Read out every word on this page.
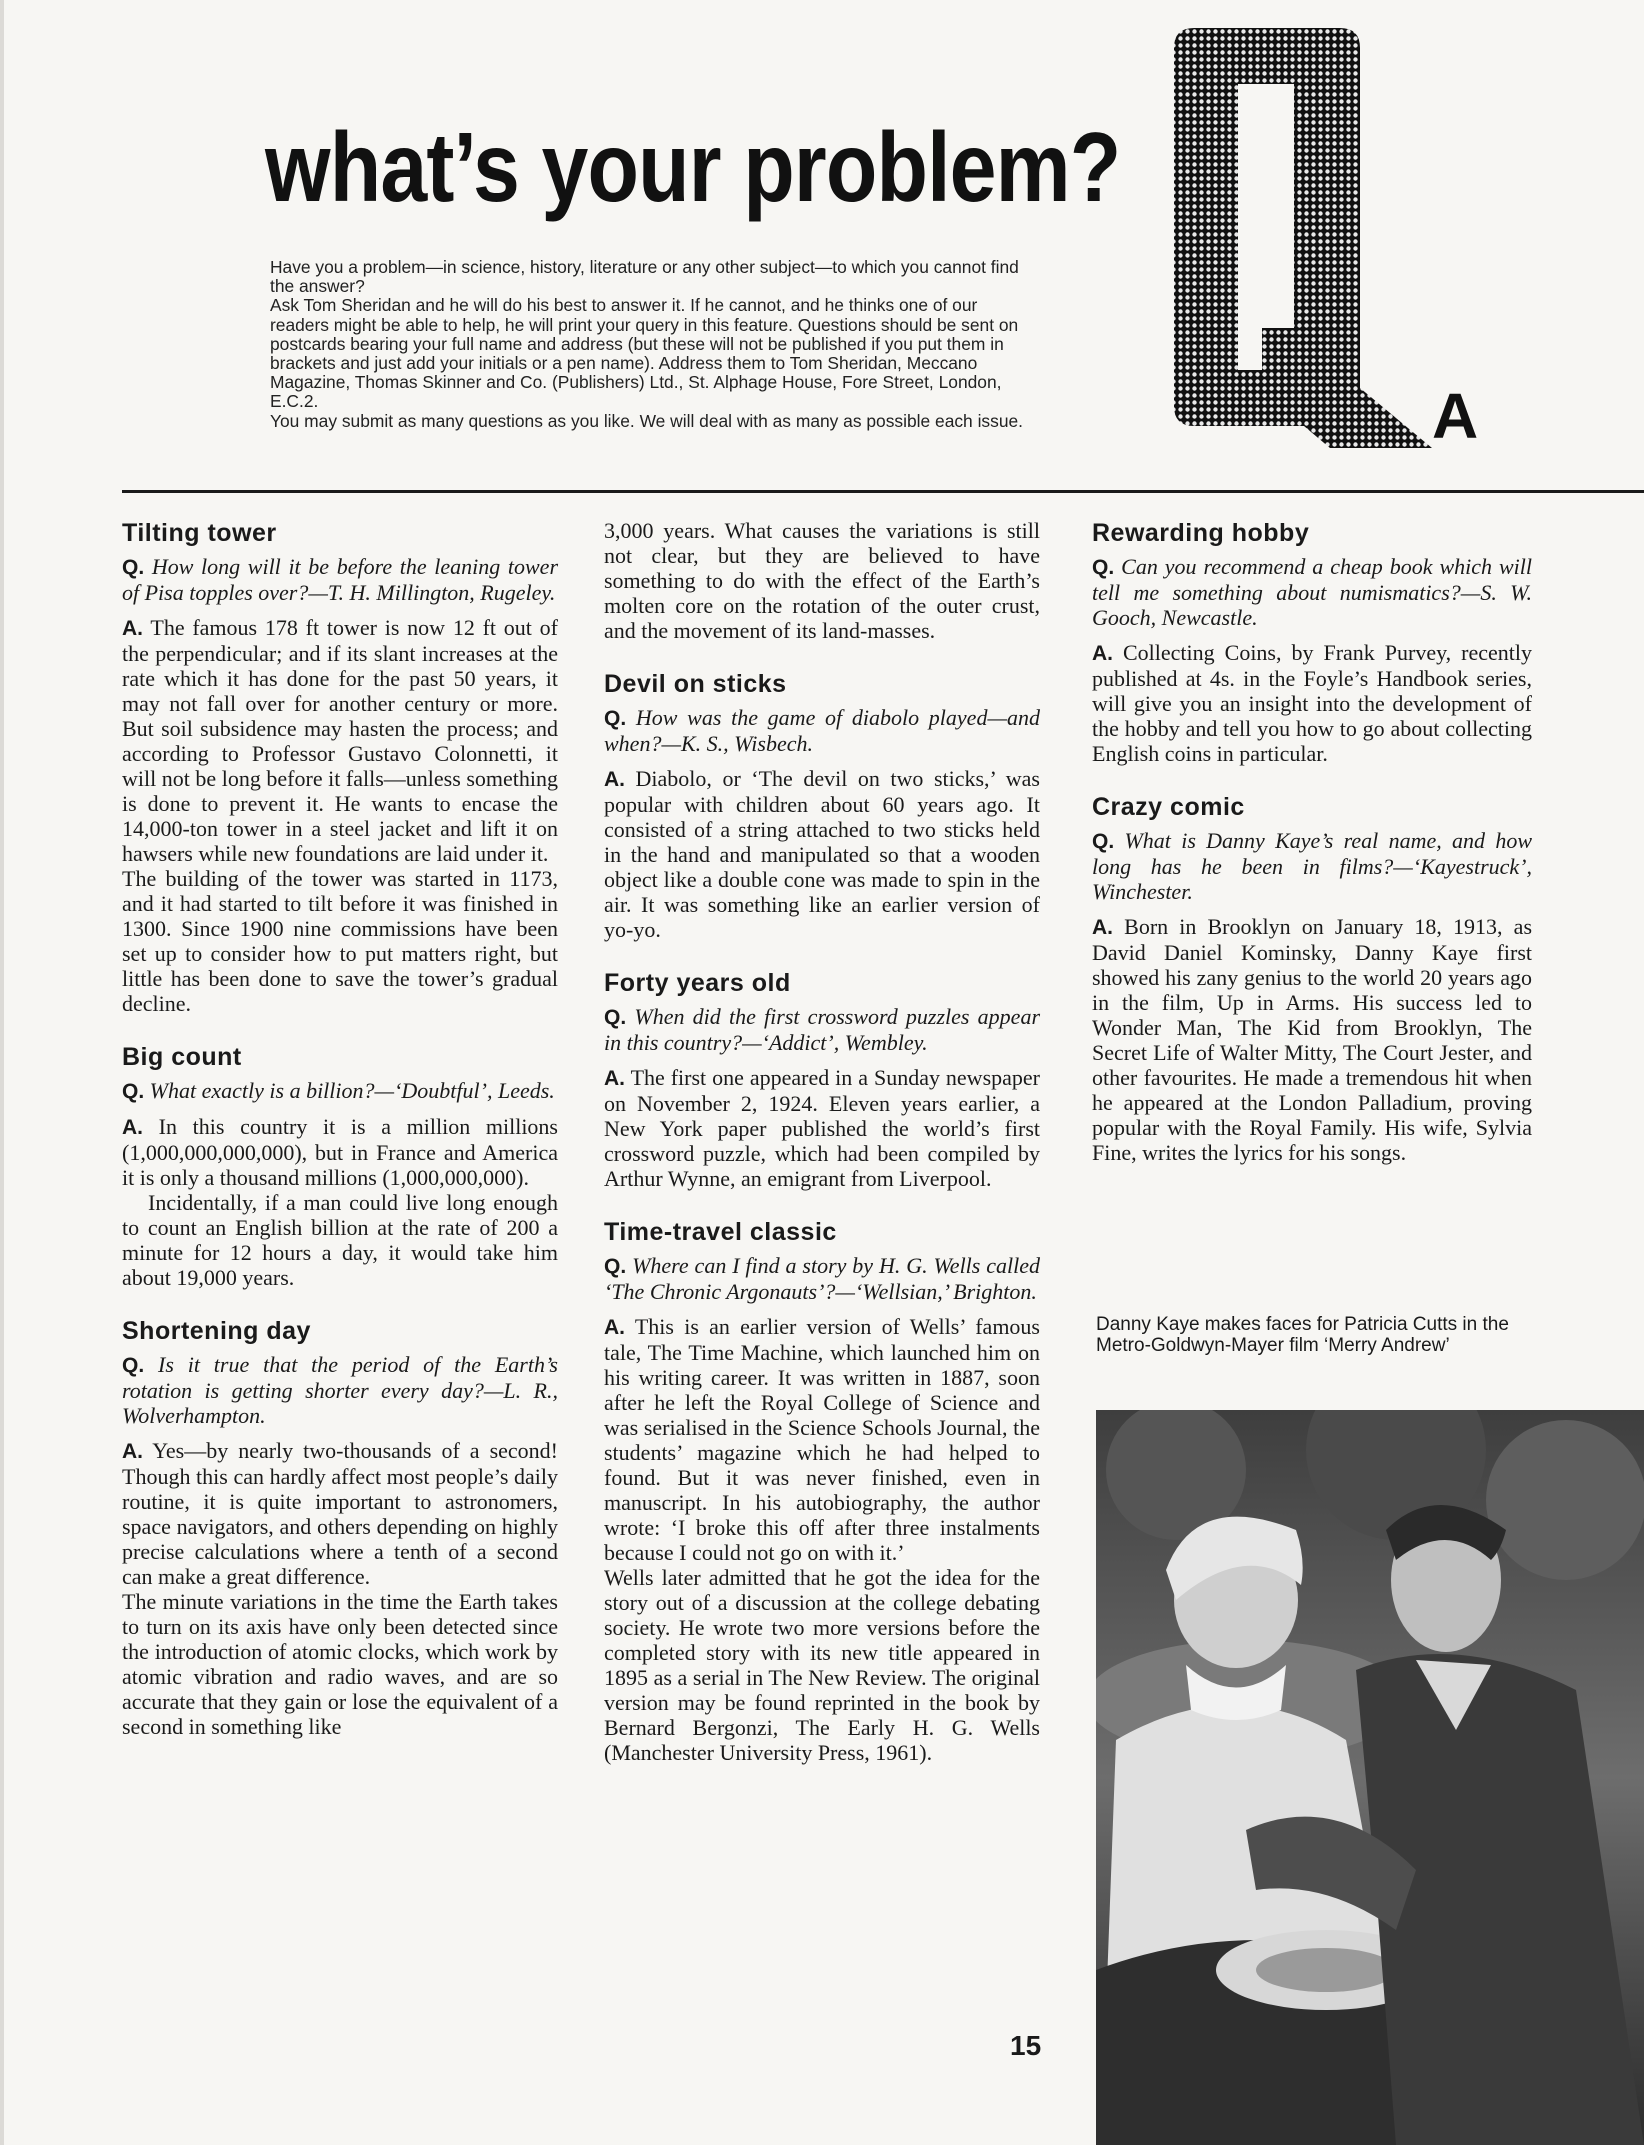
what’s your problem?

Have you a problem—in science, history, literature or any other subject—to which you cannot find the answer?

Ask Tom Sheridan and he will do his best to answer it. If he cannot, and he thinks one of our readers might be able to help, he will print your query in this feature. Questions should be sent on postcards bearing your full name and address (but these will not be published if you put them in brackets and just add your initials or a pen name). Address them to Tom Sheridan, Meccano Magazine, Thomas Skinner and Co. (Publishers) Ltd., St. Alphage House, Fore Street, London, E.C.2.

You may submit as many questions as you like. We will deal with as many as possible each issue.	A
Tilting tower

Q. How long will it be before the leaning tower of Pisa topples over?—T. H. Millington, Rugeley.

A. The famous 178 ft tower is now 12 ft out of the perpendicular; and if its slant increases at the rate which it has done for the past 50 years, it may not fall over for another century or more. But soil subsidence may hasten the process; and according to Professor Gustavo Colonnetti, it will not be long before it falls—unless something is done to prevent it. He wants to encase the 14,000-ton tower in a steel jacket and lift it on hawsers while new foundations are laid under it.

The building of the tower was started in 1173, and it had started to tilt before it was finished in 1300. Since 1900 nine commissions have been set up to consider how to put matters right, but little has been done to save the tower’s gradual decline.

Big count

Q. What exactly is a billion?—‘Doubtful’, Leeds.

A. In this country it is a million millions (1,000,000,000,000), but in France and America it is only a thousand millions (1,000,000,000).

Incidentally, if a man could live long enough to count an English billion at the rate of 200 a minute for 12 hours a day, it would take him about 19,000 years.

Shortening day

Q. Is it true that the period of the Earth’s rotation is getting shorter every day?—L. R., Wolverhampton.

A. Yes—by nearly two-thousands of a second! Though this can hardly affect most people’s daily routine, it is quite important to astronomers, space navigators, and others depending on highly precise calculations where a tenth of a second can make a great difference.

The minute variations in the time the Earth takes to turn on its axis have only been detected since the introduction of atomic clocks, which work by atomic vibration and radio waves, and are so accurate that they gain or lose the equivalent of a second in something like

3,000 years. What causes the variations is still not clear, but they are believed to have something to do with the effect of the Earth’s molten core on the rotation of the outer crust, and the movement of its land-masses.

Devil on sticks

Q. How was the game of diabolo played—and when?—K. S., Wisbech.

A. Diabolo, or ‘The devil on two sticks,’ was popular with children about 60 years ago. It consisted of a string attached to two sticks held in the hand and manipulated so that a wooden object like a double cone was made to spin in the air. It was something like an earlier version of yo-yo.

Forty years old

Q. When did the first crossword puzzles appear in this country?—‘Addict’, Wembley.

A. The first one appeared in a Sunday newspaper on November 2, 1924. Eleven years earlier, a New York paper published the world’s first crossword puzzle, which had been compiled by Arthur Wynne, an emigrant from Liverpool.

Time-travel classic

Q. Where can I find a story by H. G. Wells called ‘The Chronic Argonauts’?—‘Wellsian,’ Brighton.

A. This is an earlier version of Wells’ famous tale, The Time Machine, which launched him on his writing career. It was written in 1887, soon after he left the Royal College of Science and was serialised in the Science Schools Journal, the students’ magazine which he had helped to found. But it was never finished, even in manuscript. In his autobiography, the author wrote: ‘I broke this off after three instalments because I could not go on with it.’

Wells later admitted that he got the idea for the story out of a discussion at the college debating society. He wrote two more versions before the completed story with its new title appeared in 1895 as a serial in The New Review. The original version may be found reprinted in the book by Bernard Bergonzi, The Early H. G. Wells (Manchester University Press, 1961).

Rewarding hobby

Q. Can you recommend a cheap book which will tell me something about numismatics?—S. W. Gooch, Newcastle.

A. Collecting Coins, by Frank Purvey, recently published at 4s. in the Foyle’s Handbook series, will give you an insight into the development of the hobby and tell you how to go about collecting English coins in particular.

Crazy comic

Q. What is Danny Kaye’s real name, and how long has he been in films?—‘Kayestruck’, Winchester.

A. Born in Brooklyn on January 18, 1913, as David Daniel Kominsky, Danny Kaye first showed his zany genius to the world 20 years ago in the film, Up in Arms. His success led to Wonder Man, The Kid from Brooklyn, The Secret Life of Walter Mitty, The Court Jester, and other favourites. He made a tremendous hit when he appeared at the London Palladium, proving popular with the Royal Family. His wife, Sylvia Fine, writes the lyrics for his songs.

Danny Kaye makes faces for Patricia Cutts in the Metro-Goldwyn-Mayer film ‘Merry Andrew’

15
